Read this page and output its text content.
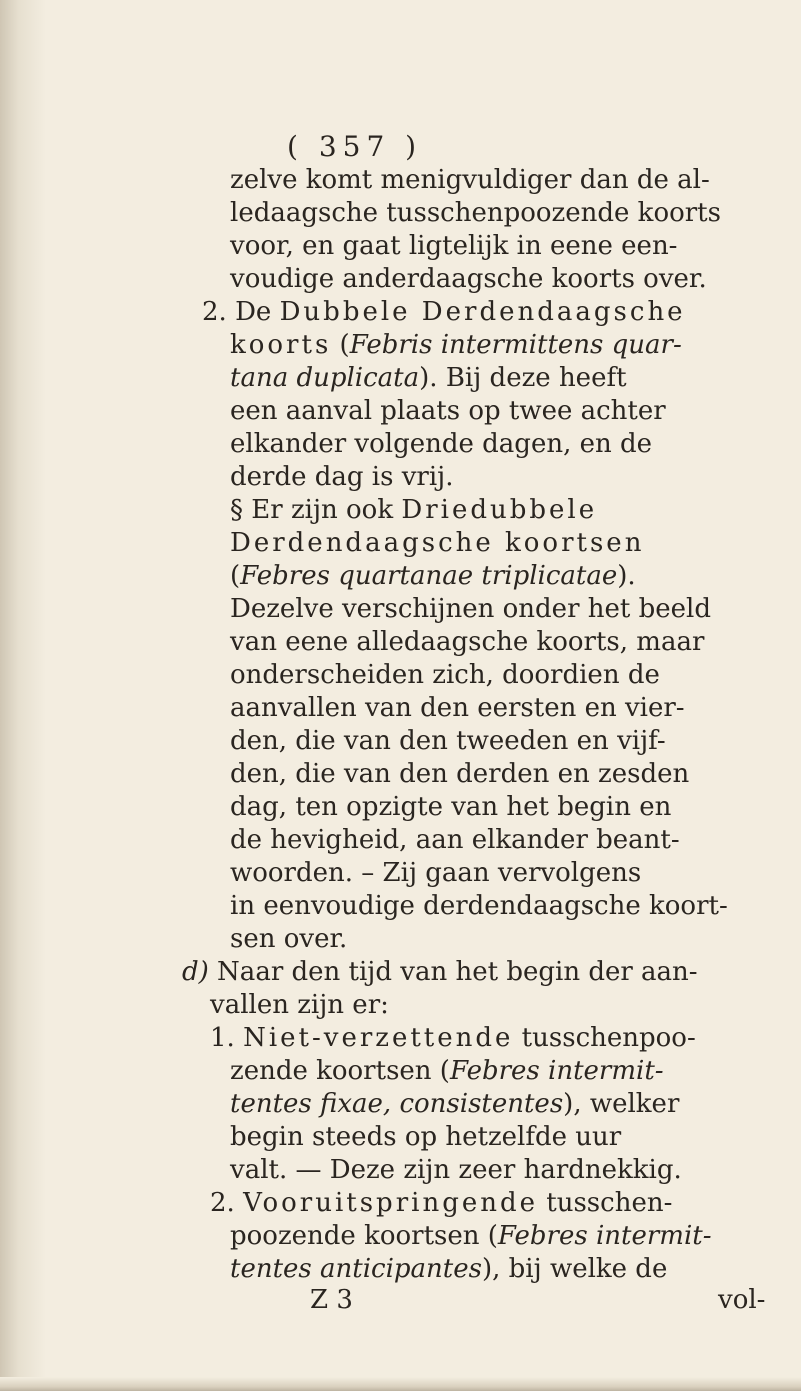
( 357 )
zelve komt menigvuldiger dan de al-
ledaagsche tusschenpoozende koorts
voor, en gaat ligtelijk in eene een-
voudige anderdaagsche koorts over.
2. De Dubbele Derdendaagsche
koorts (Febris intermittens quar-
tana duplicata). Bij deze heeft
een aanval plaats op twee achter
elkander volgende dagen, en de
derde dag is vrij.
§ Er zijn ook Driedubbele
Derdendaagsche koortsen
(Febres quartanae triplicatae).
Dezelve verschijnen onder het beeld
van eene alledaagsche koorts, maar
onderscheiden zich, doordien de
aanvallen van den eersten en vier-
den, die van den tweeden en vijf-
den, die van den derden en zesden
dag, ten opzigte van het begin en
de hevigheid, aan elkander beant-
woorden. – Zij gaan vervolgens
in eenvoudige derdendaagsche koort-
sen over.
d) Naar den tijd van het begin der aan-
vallen zijn er:
1. Niet-verzettende tusschenpoo-
zende koortsen (Febres intermit-
tentes fixae, consistentes), welker
begin steeds op hetzelfde uur
valt. — Deze zijn zeer hardnekkig.
2. Vooruitspringende tusschen-
poozende koortsen (Febres intermit-
tentes anticipantes), bij welke de
Z 3	vol-
